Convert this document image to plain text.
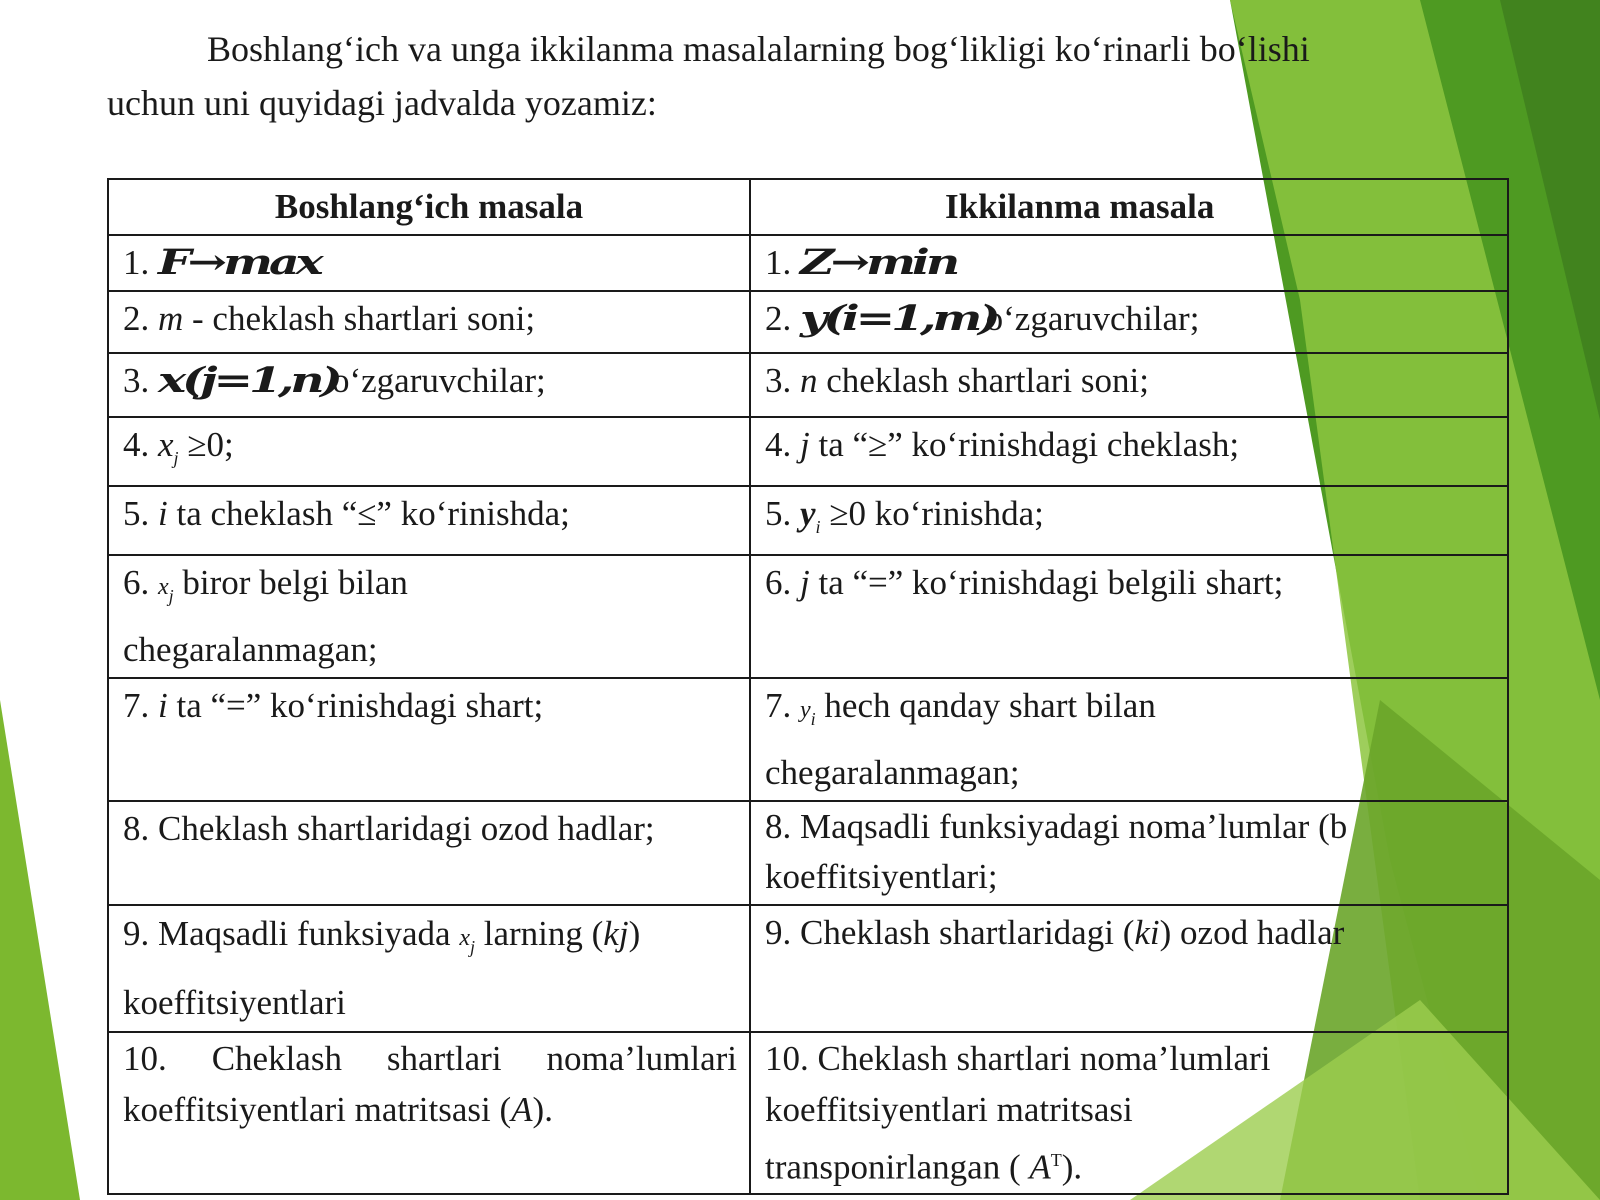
Boshlang‘ich va unga ikkilanma masalalarning bog‘likligi ko‘rinarli bo‘lishi
uchun uni quyidagi jadvalda yozamiz:

Boshlang‘ich masala	Ikkilanma masala
1. F→max	1. Z→min
2. m - cheklash shartlari soni;	2. y(i=1,m)o‘zgaruvchilar;
3. x(j=1,n)o‘zgaruvchilar;	3. n cheklash shartlari soni;
4. $x_j \ge 0$;	4. j ta “≥” ko‘rinishdagi cheklash;
5. i ta cheklash “≤” ko‘rinishda;	5. $y_i \ge 0$ ko‘rinishda;
6. $x_j$ biror belgi bilan
chegaralanmagan;	6. j ta “=” ko‘rinishdagi belgili shart;
7. i ta “=” ko‘rinishdagi shart;	7. $y_i$ hech qanday shart bilan
chegaralanmagan;
8. Cheklash shartlaridagi ozod hadlar;	8. Maqsadli funksiyadagi noma’lumlar (b
koeffitsiyentlari;
9. Maqsadli funksiyada $x_j$ larning (kj)
koeffitsiyentlari	9. Cheklash shartlaridagi (ki) ozod hadlar
10. Cheklash shartlari noma’lumlari koeffitsiyentlari matritsasi (A).	10. Cheklash shartlari noma’lumlari
koeffitsiyentlari matritsasi
transponirlangan ( $A^T$).
